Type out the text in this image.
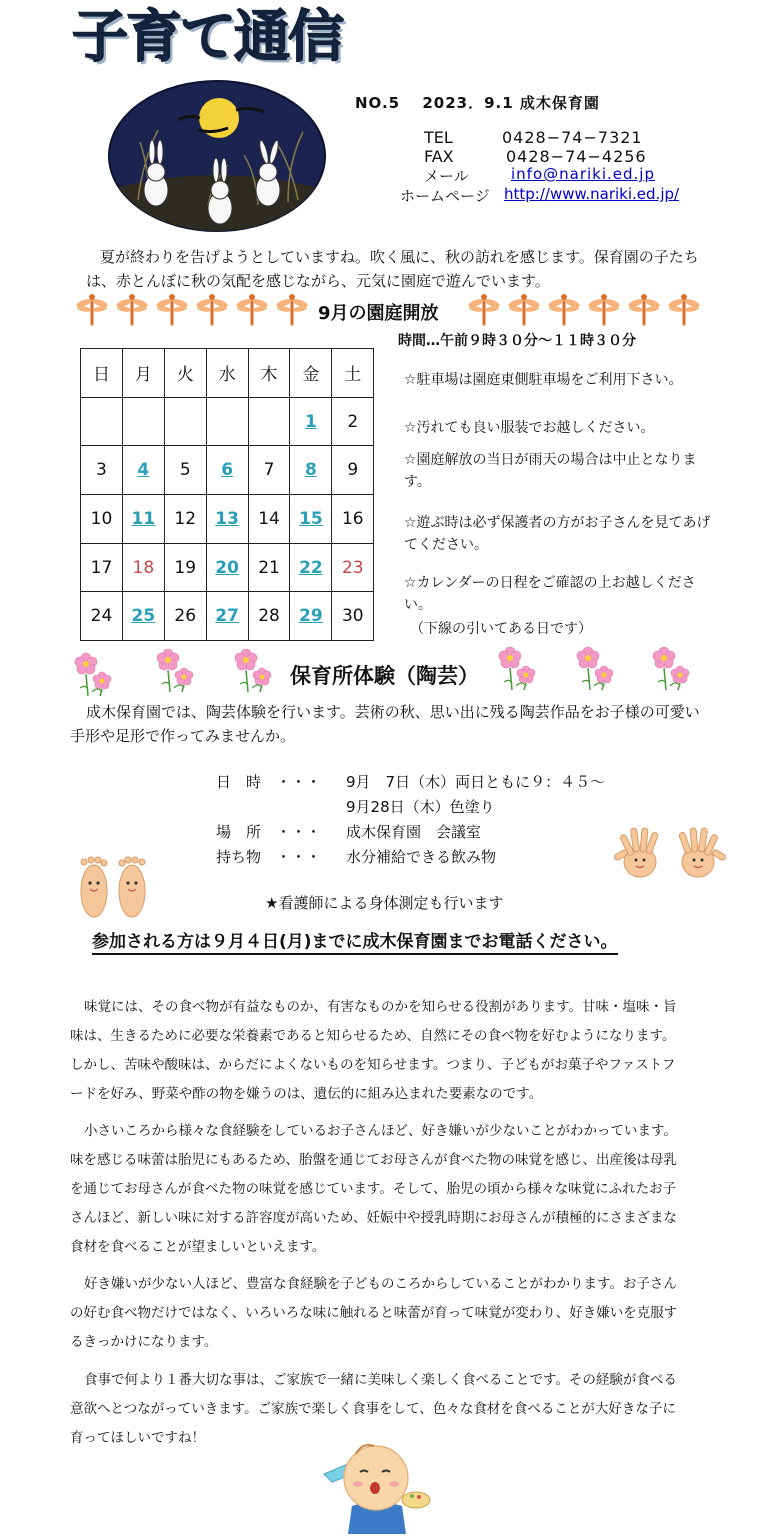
子育て通信
NO.5　 2023．9.1 成木保育園
TEL	0428−74−7321
FAX	0428−74−4256
メール	info@nariki.ed.jp
ホームページ http://www.nariki.ed.jp/
夏が終わりを告げようとしていますね。吹く風に、秋の訪れを感じます。保育園の子たちは、赤とんぼに秋の気配を感じながら、元気に園庭で遊んでいます。
9月の園庭開放
時間…午前９時３０分〜１１時３０分
日	月	火	水	木	金	土
					1	2
3	4	5	6	7	8	9
10	11	12	13	14	15	16
17	18	19	20	21	22	23
24	25	26	27	28	29	30
☆駐車場は園庭東側駐車場をご利用下さい。
☆汚れても良い服装でお越しください。
☆園庭解放の当日が雨天の場合は中止となります。
☆遊ぶ時は必ず保護者の方がお子さんを見てあげてください。
☆カレンダーの日程をご確認の上お越しください。
（下線の引いてある日です）
保育所体験（陶芸）
成木保育園では、陶芸体験を行います。芸術の秋、思い出に残る陶芸作品をお子様の可愛い手形や足形で作ってみませんか。
日　時　・・・ 9月　7日（木）両日ともに９：４５〜
9月28日（木）色塗り
場　所　・・・ 成木保育園　会議室
持ち物　・・・ 水分補給できる飲み物
★看護師による身体測定も行います
参加される方は９月４日(月)までに成木保育園までお電話ください。
味覚には、その食べ物が有益なものか、有害なものかを知らせる役割があります。甘味・塩味・旨味は、生きるために必要な栄養素であると知らせるため、自然にその食べ物を好むようになります。しかし、苦味や酸味は、からだによくないものを知らせます。つまり、子どもがお菓子やファストフードを好み、野菜や酢の物を嫌うのは、遺伝的に組み込まれた要素なのです。
小さいころから様々な食経験をしているお子さんほど、好き嫌いが少ないことがわかっています。味を感じる味蕾は胎児にもあるため、胎盤を通じてお母さんが食べた物の味覚を感じ、出産後は母乳を通じてお母さんが食べた物の味覚を感じています。そして、胎児の頃から様々な味覚にふれたお子さんほど、新しい味に対する許容度が高いため、妊娠中や授乳時期にお母さんが積極的にさまざまな食材を食べることが望ましいといえます。
好き嫌いが少ない人ほど、豊富な食経験を子どものころからしていることがわかります。お子さんの好む食べ物だけではなく、いろいろな味に触れると味蕾が育って味覚が変わり、好き嫌いを克服するきっかけになります。
食事で何より１番大切な事は、ご家族で一緒に美味しく楽しく食べることです。その経験が食べる意欲へとつながっていきます。ご家族で楽しく食事をして、色々な食材を食べることが大好きな子に育ってほしいですね！
